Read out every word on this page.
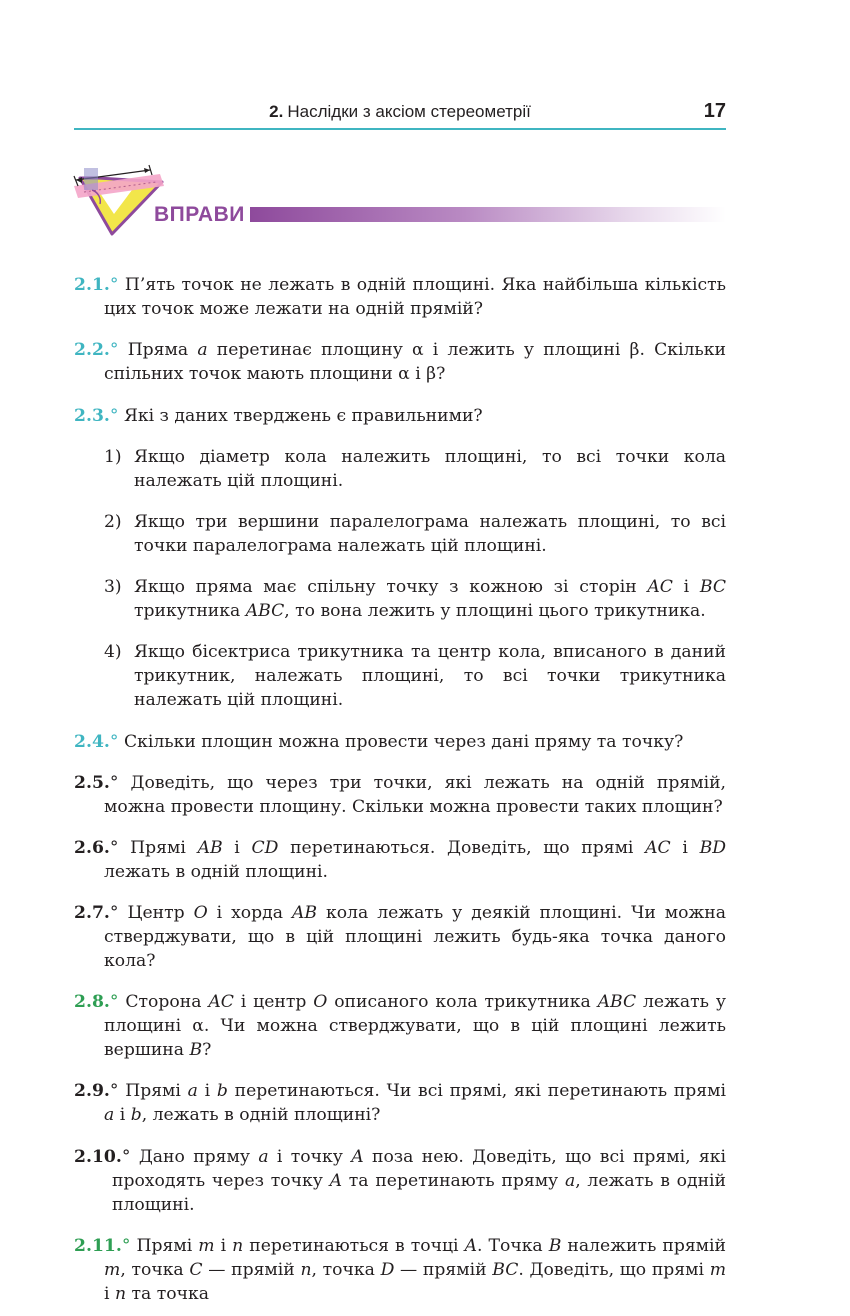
2. Наслідки з аксіом стереометрії	17
ВПРАВИ

2.1.° П’ять точок не лежать в одній площині. Яка найбільша кількість цих точок може лежати на одній прямій?

2.2.° Пряма a перетинає площину α і лежить у площині β. Скільки спільних точок мають площини α і β?

2.3.° Які з даних тверджень є правильними?

1) Якщо діаметр кола належить площині, то всі точки кола належать цій площині.

2) Якщо три вершини паралелограма належать площині, то всі точки паралелограма належать цій площині.

3) Якщо пряма має спільну точку з кожною зі сторін AC і BC трикутника ABC, то вона лежить у площині цього трикутника.

4) Якщо бісектриса трикутника та центр кола, вписаного в даний трикутник, належать площині, то всі точки трикутника належать цій площині.

2.4.° Скільки площин можна провести через дані пряму та точку?

2.5.° Доведіть, що через три точки, які лежать на одній прямій, можна провести площину. Скільки можна провести таких площин?

2.6.° Прямі AB і CD перетинаються. Доведіть, що прямі AC і BD лежать в одній площині.

2.7.° Центр O і хорда AB кола лежать у деякій площині. Чи можна стверджувати, що в цій площині лежить будь-яка точка даного кола?

2.8.° Сторона AC і центр O описаного кола трикутника ABC лежать у площині α. Чи можна стверджувати, що в цій площині лежить вершина B?

2.9.° Прямі a і b перетинаються. Чи всі прямі, які перетинають прямі a і b, лежать в одній площині?

2.10.° Дано пряму a і точку A поза нею. Доведіть, що всі прямі, які проходять через точку A та перетинають пряму a, лежать в одній площині.

2.11.° Прямі m і n перетинаються в точці A. Точка B належить прямій m, точка C — прямій n, точка D — прямій BC. Доведіть, що прямі m і n та точка
